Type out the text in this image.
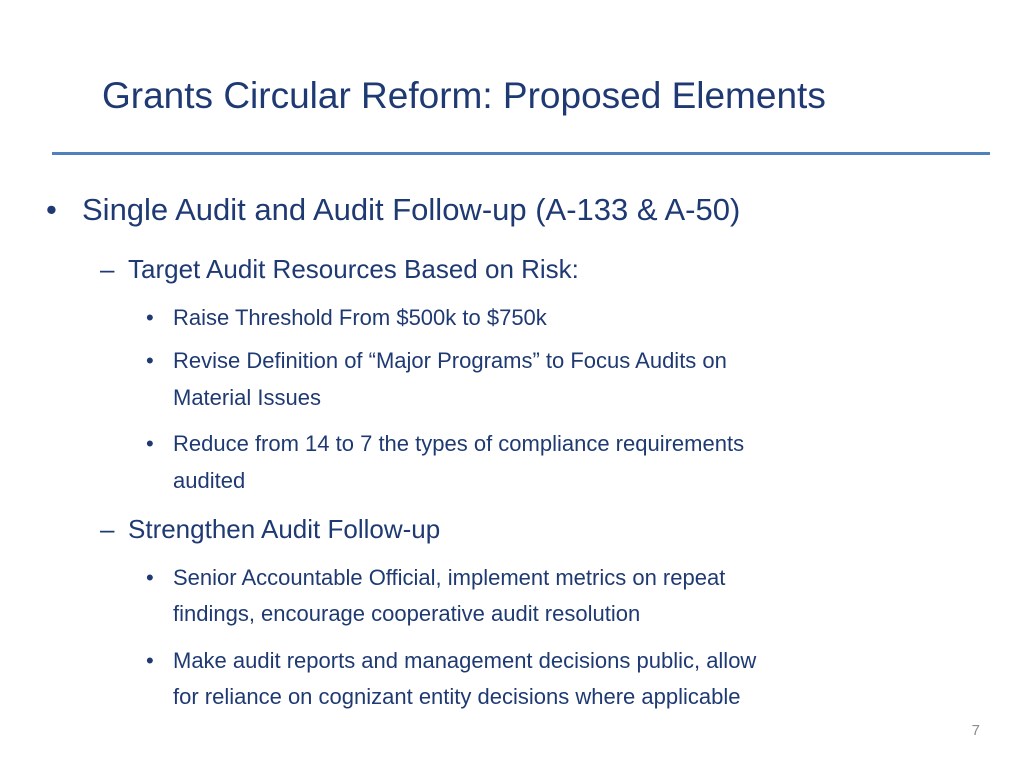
Grants Circular Reform: Proposed Elements
• Single Audit and Audit Follow-up (A-133 & A-50)
– Target Audit Resources Based on Risk:
• Raise Threshold From $500k to $750k
• Revise Definition of “Major Programs” to Focus Audits on
Material Issues
• Reduce from 14 to 7 the types of compliance requirements
audited
– Strengthen Audit Follow-up
• Senior Accountable Official, implement metrics on repeat
findings, encourage cooperative audit resolution
• Make audit reports and management decisions public, allow
for reliance on cognizant entity decisions where applicable
7
